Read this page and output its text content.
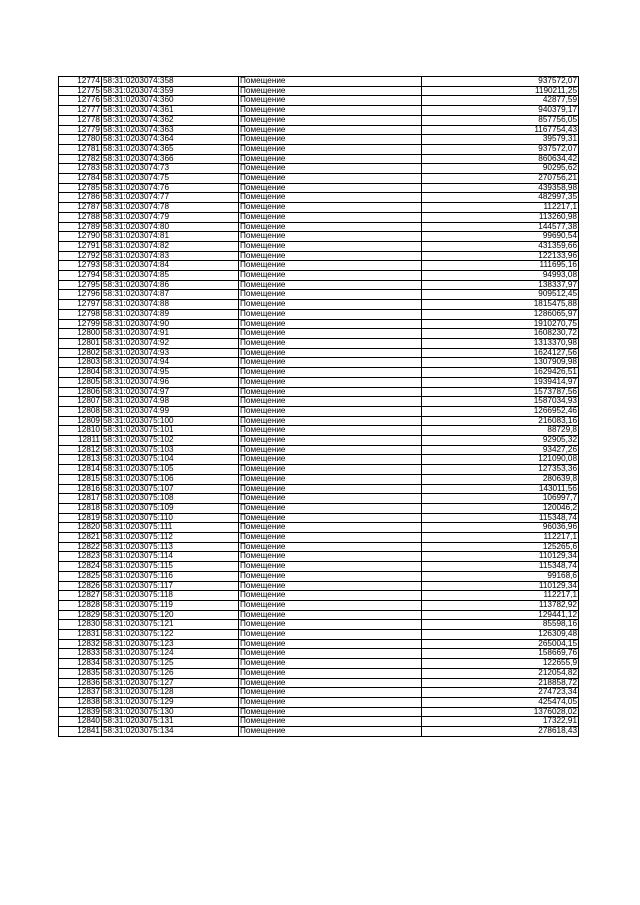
12774	58:31:0203074:358	Помещение	937572,07
12775	58:31:0203074:359	Помещение	1190211,25
12776	58:31:0203074:360	Помещение	42877,59
12777	58:31:0203074:361	Помещение	940379,17
12778	58:31:0203074:362	Помещение	857756,05
12779	58:31:0203074:363	Помещение	1167754,43
12780	58:31:0203074:364	Помещение	39579,31
12781	58:31:0203074:365	Помещение	937572,07
12782	58:31:0203074:366	Помещение	860634,42
12783	58:31:0203074:73	Помещение	90295,62
12784	58:31:0203074:75	Помещение	270756,21
12785	58:31:0203074:76	Помещение	439358,98
12786	58:31:0203074:77	Помещение	482997,35
12787	58:31:0203074:78	Помещение	112217,1
12788	58:31:0203074:79	Помещение	113260,98
12789	58:31:0203074:80	Помещение	144577,38
12790	58:31:0203074:81	Помещение	99690,54
12791	58:31:0203074:82	Помещение	431359,66
12792	58:31:0203074:83	Помещение	122133,96
12793	58:31:0203074:84	Помещение	111695,16
12794	58:31:0203074:85	Помещение	94993,08
12795	58:31:0203074:86	Помещение	138337,97
12796	58:31:0203074:87	Помещение	909512,45
12797	58:31:0203074:88	Помещение	1815475,88
12798	58:31:0203074:89	Помещение	1286065,97
12799	58:31:0203074:90	Помещение	1910270,75
12800	58:31:0203074:91	Помещение	1608230,72
12801	58:31:0203074:92	Помещение	1313370,98
12802	58:31:0203074:93	Помещение	1624127,56
12803	58:31:0203074:94	Помещение	1307909,98
12804	58:31:0203074:95	Помещение	1629426,51
12805	58:31:0203074:96	Помещение	1939414,97
12806	58:31:0203074:97	Помещение	1573787,56
12807	58:31:0203074:98	Помещение	1587034,93
12808	58:31:0203074:99	Помещение	1266952,46
12809	58:31:0203075:100	Помещение	216083,16
12810	58:31:0203075:101	Помещение	88729,8
12811	58:31:0203075:102	Помещение	92905,32
12812	58:31:0203075:103	Помещение	93427,26
12813	58:31:0203075:104	Помещение	121090,08
12814	58:31:0203075:105	Помещение	127353,36
12815	58:31:0203075:106	Помещение	280639,8
12816	58:31:0203075:107	Помещение	143011,56
12817	58:31:0203075:108	Помещение	106997,7
12818	58:31:0203075:109	Помещение	120046,2
12819	58:31:0203075:110	Помещение	115348,74
12820	58:31:0203075:111	Помещение	96036,96
12821	58:31:0203075:112	Помещение	112217,1
12822	58:31:0203075:113	Помещение	125265,6
12823	58:31:0203075:114	Помещение	110129,34
12824	58:31:0203075:115	Помещение	115348,74
12825	58:31:0203075:116	Помещение	99168,6
12826	58:31:0203075:117	Помещение	110129,34
12827	58:31:0203075:118	Помещение	112217,1
12828	58:31:0203075:119	Помещение	113782,92
12829	58:31:0203075:120	Помещение	129441,12
12830	58:31:0203075:121	Помещение	85598,16
12831	58:31:0203075:122	Помещение	126309,48
12832	58:31:0203075:123	Помещение	265004,15
12833	58:31:0203075:124	Помещение	158669,76
12834	58:31:0203075:125	Помещение	122655,9
12835	58:31:0203075:126	Помещение	212054,82
12836	58:31:0203075:127	Помещение	218858,72
12837	58:31:0203075:128	Помещение	274723,34
12838	58:31:0203075:129	Помещение	425474,05
12839	58:31:0203075:130	Помещение	1376028,02
12840	58:31:0203075:131	Помещение	17322,91
12841	58:31:0203075:134	Помещение	278618,43
